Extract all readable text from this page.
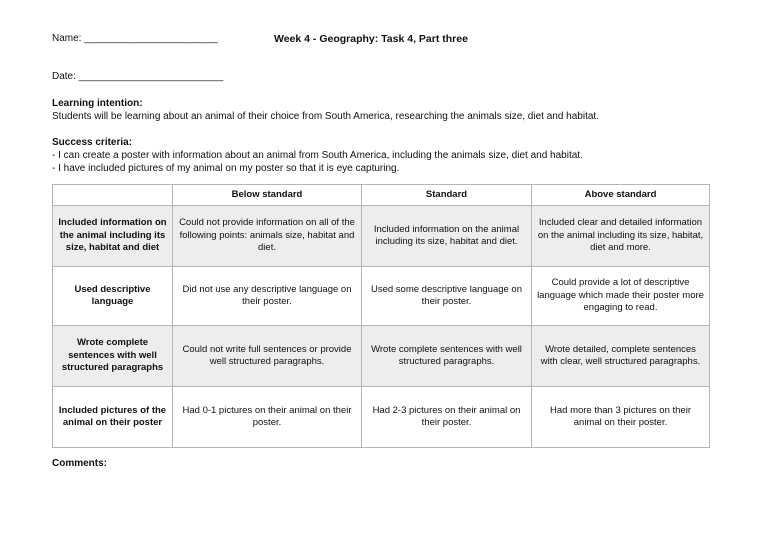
Name: ________________________	Week 4 - Geography: Task 4, Part three
Date: __________________________
Learning intention:
Students will be learning about an animal of their choice from South America, researching the animals size, diet and habitat.
Success criteria:
- I can create a poster with information about an animal from South America, including the animals size, diet and habitat.
- I have included pictures of my animal on my poster so that it is eye capturing.
	Below standard	Standard	Above standard
Included information on the animal including its size, habitat and diet	Could not provide information on all of the following points: animals size, habitat and diet.	Included information on the animal including its size, habitat and diet.	Included clear and detailed information on the animal including its size, habitat, diet and more.
Used descriptive language	Did not use any descriptive language on their poster.	Used some descriptive language on their poster.	Could provide a lot of descriptive language which made their poster more engaging to read.
Wrote complete sentences with well structured paragraphs	Could not write full sentences or provide well structured paragraphs.	Wrote complete sentences with well structured paragraphs.	Wrote detailed, complete sentences with clear, well structured paragraphs.
Included pictures of the animal on their poster	Had 0-1 pictures on their animal on their poster.	Had 2-3 pictures on their animal on their poster.	Had more than 3 pictures on their animal on their poster.
Comments:
